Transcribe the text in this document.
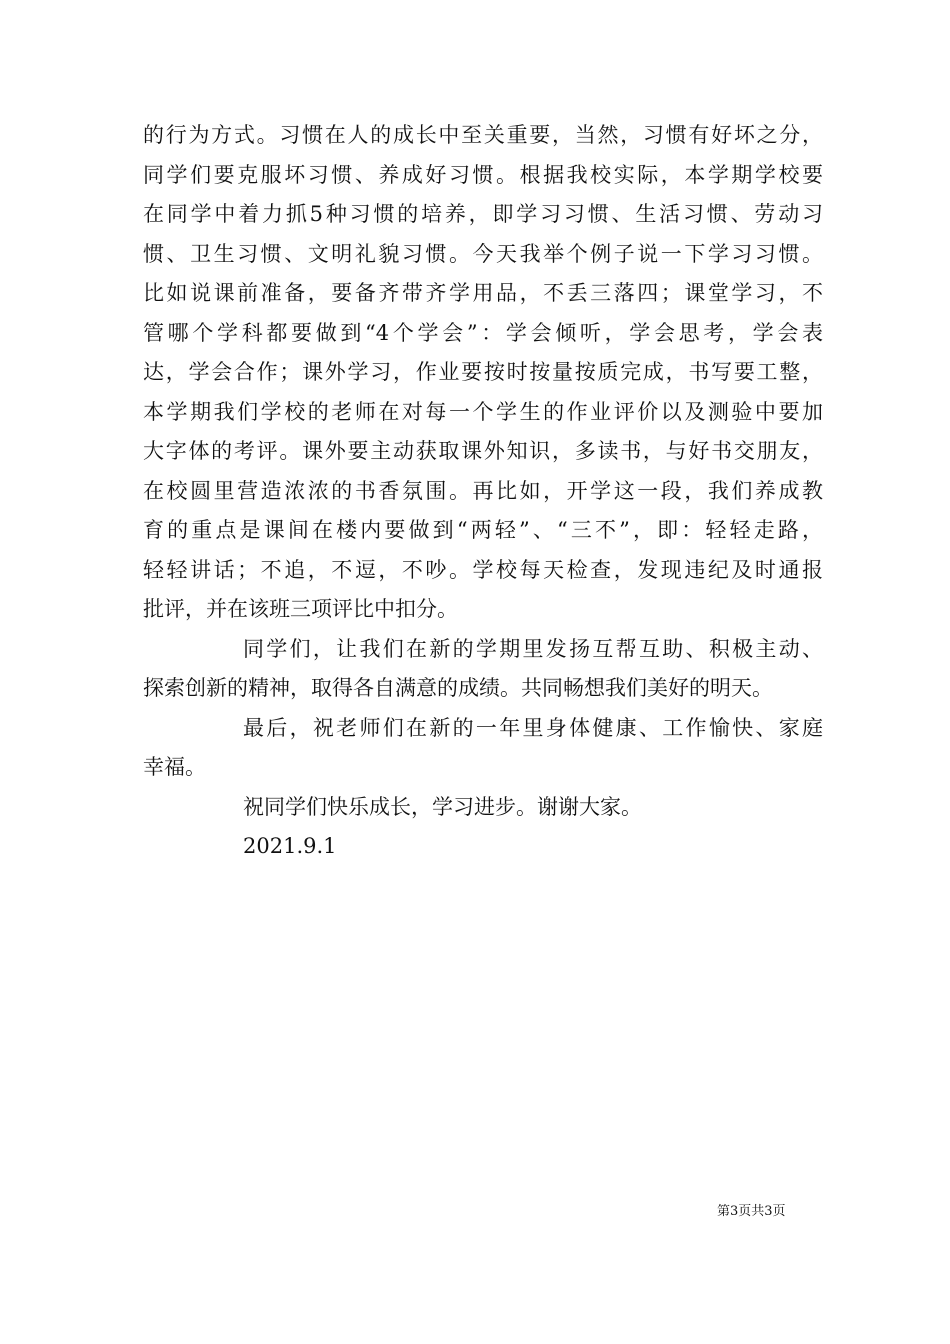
的行为方式。习惯在人的成长中至关重要，当然，习惯有好坏之分，
同学们要克服坏习惯、养成好习惯。根据我校实际，本学期学校要
在同学中着力抓5种习惯的培养，即学习习惯、生活习惯、劳动习
惯、卫生习惯、文明礼貌习惯。今天我举个例子说一下学习习惯。
比如说课前准备，要备齐带齐学用品，不丢三落四；课堂学习，不
管哪个学科都要做到“4个学会”：学会倾听，学会思考，学会表
达，学会合作；课外学习，作业要按时按量按质完成，书写要工整，
本学期我们学校的老师在对每一个学生的作业评价以及测验中要加
大字体的考评。课外要主动获取课外知识，多读书，与好书交朋友，
在校圆里营造浓浓的书香氛围。再比如，开学这一段，我们养成教
育的重点是课间在楼内要做到“两轻”、“三不”，即：轻轻走路，
轻轻讲话；不追，不逗，不吵。学校每天检查，发现违纪及时通报
批评，并在该班三项评比中扣分。
同学们，让我们在新的学期里发扬互帮互助、积极主动、
探索创新的精神，取得各自满意的成绩。共同畅想我们美好的明天。
最后，祝老师们在新的一年里身体健康、工作愉快、家庭
幸福。
祝同学们快乐成长，学习进步。谢谢大家。
2021.9.1
第3页共3页
